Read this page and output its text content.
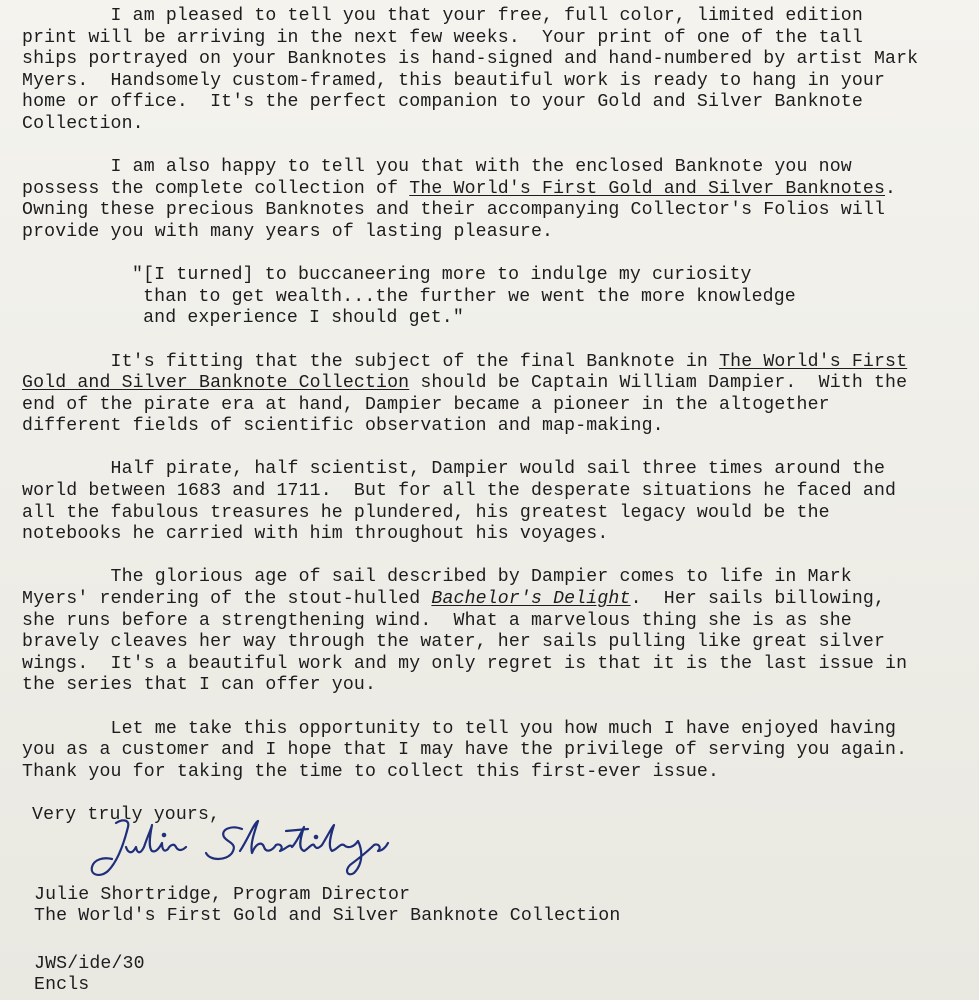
I am pleased to tell you that your free, full color, limited edition
print will be arriving in the next few weeks.  Your print of one of the tall
ships portrayed on your Banknotes is hand-signed and hand-numbered by artist Mark
Myers.  Handsomely custom-framed, this beautiful work is ready to hang in your
home or office.  It's the perfect companion to your Gold and Silver Banknote
Collection.

I am also happy to tell you that with the enclosed Banknote you now
possess the complete collection of The World's First Gold and Silver Banknotes.
Owning these precious Banknotes and their accompanying Collector's Folios will
provide you with many years of lasting pleasure.

"[I turned] to buccaneering more to indulge my curiosity
than to get wealth...the further we went the more knowledge
and experience I should get."

It's fitting that the subject of the final Banknote in The World's First
Gold and Silver Banknote Collection should be Captain William Dampier.  With the
end of the pirate era at hand, Dampier became a pioneer in the altogether
different fields of scientific observation and map-making.

Half pirate, half scientist, Dampier would sail three times around the
world between 1683 and 1711.  But for all the desperate situations he faced and
all the fabulous treasures he plundered, his greatest legacy would be the
notebooks he carried with him throughout his voyages.

The glorious age of sail described by Dampier comes to life in Mark
Myers' rendering of the stout-hulled Bachelor's Delight.  Her sails billowing,
she runs before a strengthening wind.  What a marvelous thing she is as she
bravely cleaves her way through the water, her sails pulling like great silver
wings.  It's a beautiful work and my only regret is that it is the last issue in
the series that I can offer you.

Let me take this opportunity to tell you how much I have enjoyed having
you as a customer and I hope that I may have the privilege of serving you again.
Thank you for taking the time to collect this first-ever issue.

Very truly yours,

Julie Shortridge, Program Director

The World's First Gold and Silver Banknote Collection

JWS/ide/30

Encls
